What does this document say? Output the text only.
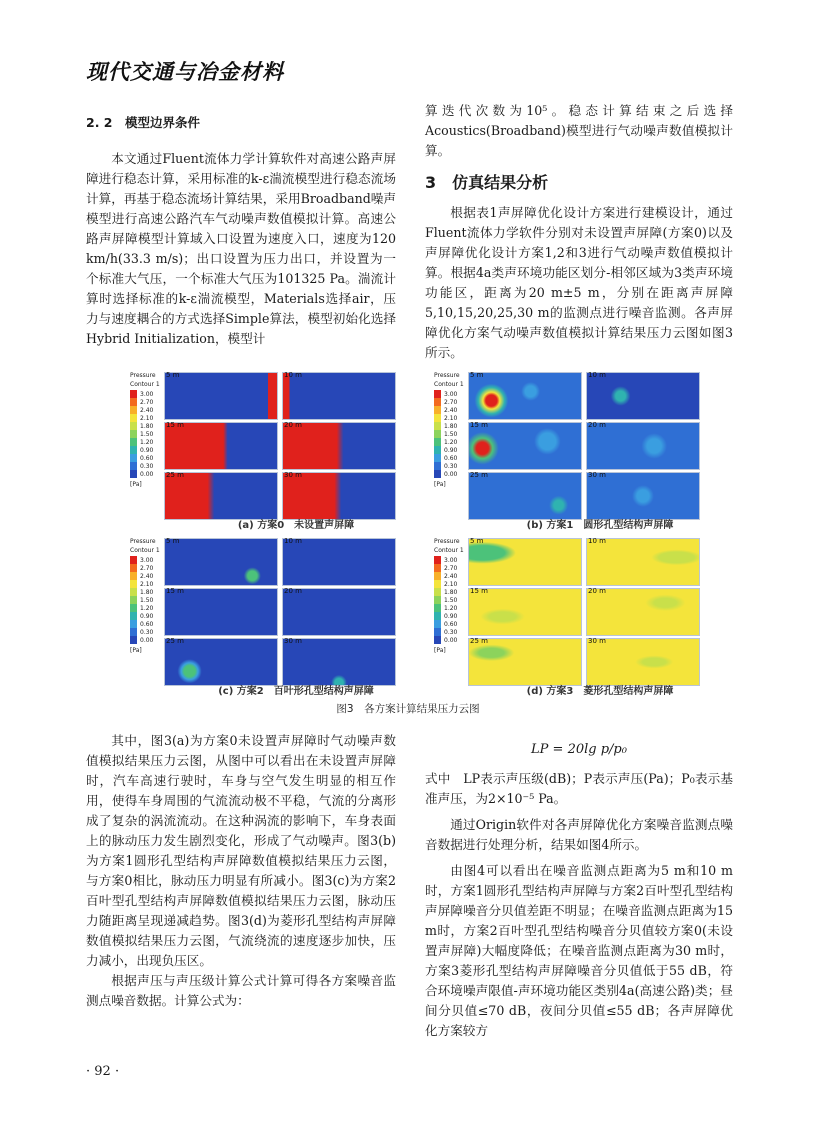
现代交通与冶金材料

2. 2　模型边界条件

本文通过Fluent流体力学计算软件对高速公路声屏障进行稳态计算，采用标准的k-ε湍流模型进行稳态流场计算，再基于稳态流场计算结果，采用Broadband噪声模型进行高速公路汽车气动噪声数值模拟计算。高速公路声屏障模型计算域入口设置为速度入口，速度为120 km/h(33.3 m/s)；出口设置为压力出口，并设置为一个标准大气压，一个标准大气压为101325 Pa。湍流计算时选择标准的k-ε湍流模型，Materials选择air，压力与速度耦合的方式选择Simple算法，模型初始化选择Hybrid Initialization，模型计

算迭代次数为10⁵。稳态计算结束之后选择Acoustics(Broadband)模型进行气动噪声数值模拟计算。

3　仿真结果分析

根据表1声屏障优化设计方案进行建模设计，通过Fluent流体力学软件分别对未设置声屏障(方案0)以及声屏障优化设计方案1,2和3进行气动噪声数值模拟计算。根据4a类声环境功能区划分-相邻区域为3类声环境功能区，距离为20 m±5 m，分别在距离声屏障5,10,15,20,25,30 m的监测点进行噪音监测。各声屏障优化方案气动噪声数值模拟计算结果压力云图如图3所示。

Pressure
Contour 1
3.00
2.70
2.40
2.10
1.80
1.50
1.20
0.90
0.60
0.30
0.00
[Pa]
5 m	10 m
15 m	20 m
25 m	30 m
(a) 方案0　未设置声屏障
Pressure
Contour 1
3.00
2.70
2.40
2.10
1.80
1.50
1.20
0.90
0.60
0.30
0.00
[Pa]
5 m	10 m
15 m	20 m
25 m	30 m
(b) 方案1　圆形孔型结构声屏障
Pressure
Contour 1
3.00
2.70
2.40
2.10
1.80
1.50
1.20
0.90
0.60
0.30
0.00
[Pa]
5 m	10 m
15 m	20 m
25 m	30 m
(c) 方案2　百叶形孔型结构声屏障
Pressure
Contour 1
3.00
2.70
2.40
2.10
1.80
1.50
1.20
0.90
0.60
0.30
0.00
[Pa]
5 m	10 m
15 m	20 m
25 m	30 m
(d) 方案3　菱形孔型结构声屏障
图3　各方案计算结果压力云图

其中，图3(a)为方案0未设置声屏障时气动噪声数值模拟结果压力云图，从图中可以看出在未设置声屏障时，汽车高速行驶时，车身与空气发生明显的相互作用，使得车身周围的气流流动极不平稳，气流的分离形成了复杂的涡流流动。在这种涡流的影响下，车身表面上的脉动压力发生剧烈变化，形成了气动噪声。图3(b)为方案1圆形孔型结构声屏障数值模拟结果压力云图，与方案0相比，脉动压力明显有所减小。图3(c)为方案2百叶型孔型结构声屏障数值模拟结果压力云图，脉动压力随距离呈现递减趋势。图3(d)为菱形孔型结构声屏障数值模拟结果压力云图，气流绕流的速度逐步加快，压力减小，出现负压区。

根据声压与声压级计算公式计算可得各方案噪音监测点噪音数据。计算公式为：

LP = 20lg p/p₀

式中　LP表示声压级(dB)；P表示声压(Pa)；P₀表示基准声压，为2×10⁻⁵ Pa。

通过Origin软件对各声屏障优化方案噪音监测点噪音数据进行处理分析，结果如图4所示。

由图4可以看出在噪音监测点距离为5 m和10 m时，方案1圆形孔型结构声屏障与方案2百叶型孔型结构声屏障噪音分贝值差距不明显；在噪音监测点距离为15 m时，方案2百叶型孔型结构噪音分贝值较方案0(未设置声屏障)大幅度降低；在噪音监测点距离为30 m时，方案3菱形孔型结构声屏障噪音分贝值低于55 dB，符合环境噪声限值-声环境功能区类别4a(高速公路)类；昼间分贝值≤70 dB，夜间分贝值≤55 dB；各声屏障优化方案较方

· 92 ·
